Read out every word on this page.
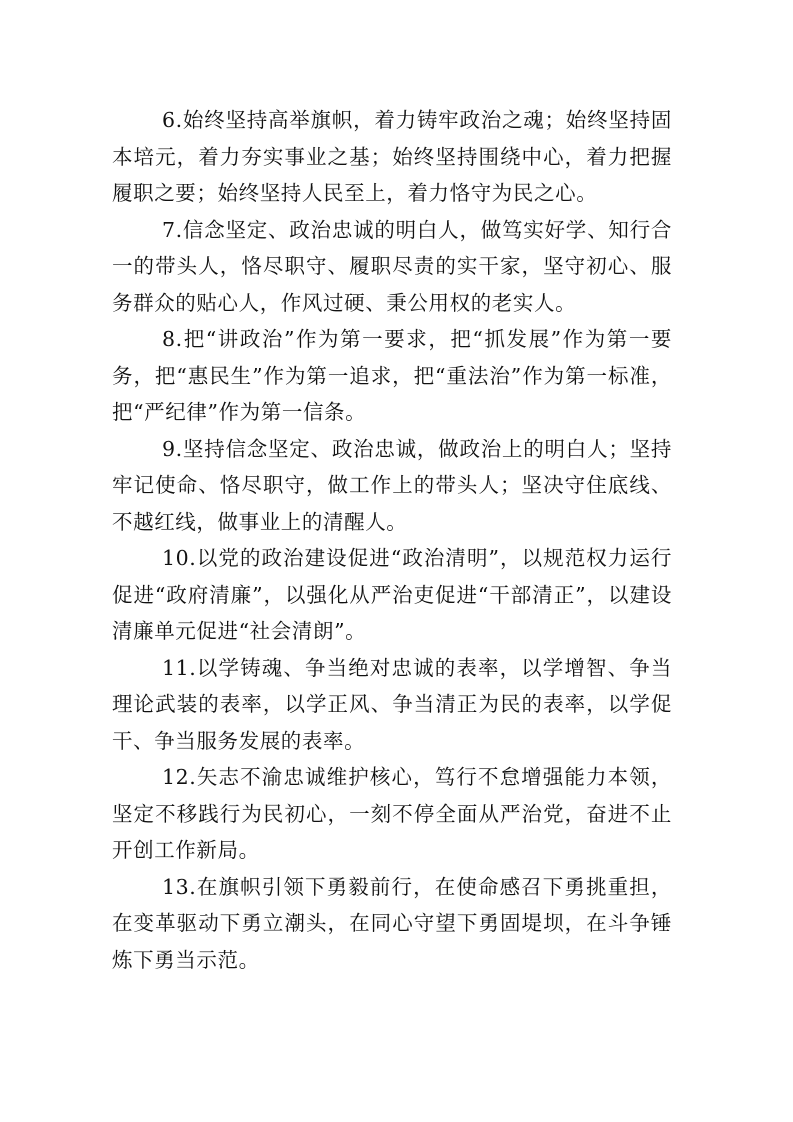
6.始终坚持高举旗帜，着力铸牢政治之魂；始终坚持固本培元，着力夯实事业之基；始终坚持围绕中心，着力把握履职之要；始终坚持人民至上，着力恪守为民之心。

7.信念坚定、政治忠诚的明白人，做笃实好学、知行合一的带头人，恪尽职守、履职尽责的实干家，坚守初心、服务群众的贴心人，作风过硬、秉公用权的老实人。

8.把“讲政治”作为第一要求，把“抓发展”作为第一要务，把“惠民生”作为第一追求，把“重法治”作为第一标准，把“严纪律”作为第一信条。

9.坚持信念坚定、政治忠诚，做政治上的明白人；坚持牢记使命、恪尽职守，做工作上的带头人；坚决守住底线、不越红线，做事业上的清醒人。

10.以党的政治建设促进“政治清明”，以规范权力运行促进“政府清廉”，以强化从严治吏促进“干部清正”，以建设清廉单元促进“社会清朗”。

11.以学铸魂、争当绝对忠诚的表率，以学增智、争当理论武装的表率，以学正风、争当清正为民的表率，以学促干、争当服务发展的表率。

12.矢志不渝忠诚维护核心，笃行不怠增强能力本领，坚定不移践行为民初心，一刻不停全面从严治党，奋进不止开创工作新局。

13.在旗帜引领下勇毅前行，在使命感召下勇挑重担，在变革驱动下勇立潮头，在同心守望下勇固堤坝，在斗争锤炼下勇当示范。
